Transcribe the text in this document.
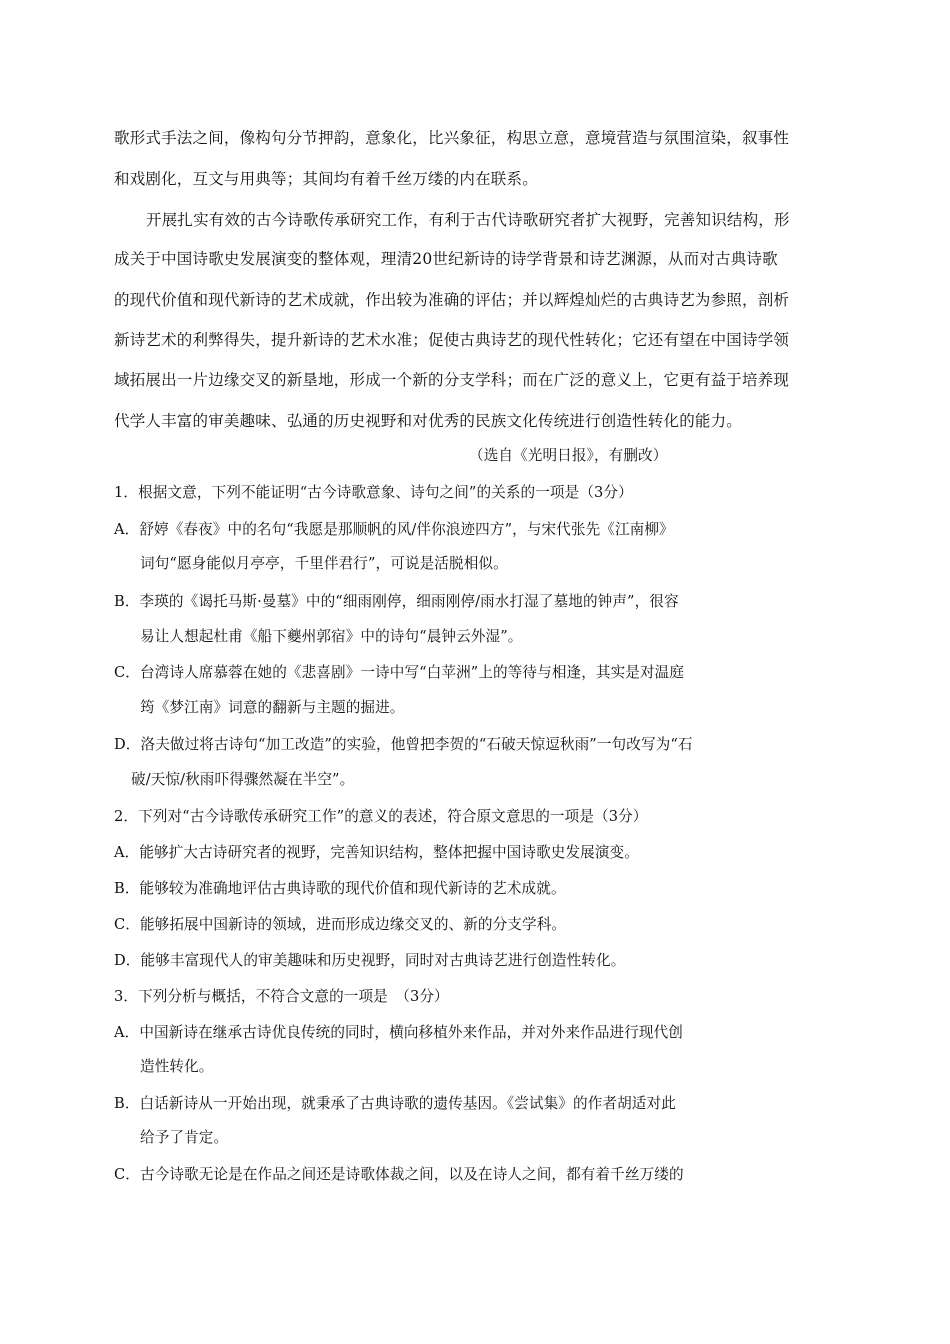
歌形式手法之间，像构句分节押韵，意象化，比兴象征，构思立意，意境营造与氛围渲染，叙事性
和戏剧化，互文与用典等；其间均有着千丝万缕的内在联系。
开展扎实有效的古今诗歌传承研究工作，有利于古代诗歌研究者扩大视野，完善知识结构，形
成关于中国诗歌史发展演变的整体观，理清20世纪新诗的诗学背景和诗艺渊源，从而对古典诗歌
的现代价值和现代新诗的艺术成就，作出较为准确的评估；并以辉煌灿烂的古典诗艺为参照，剖析
新诗艺术的利弊得失，提升新诗的艺术水准；促使古典诗艺的现代性转化；它还有望在中国诗学领
域拓展出一片边缘交叉的新垦地，形成一个新的分支学科；而在广泛的意义上，它更有益于培养现
代学人丰富的审美趣味、弘通的历史视野和对优秀的民族文化传统进行创造性转化的能力。
（选自《光明日报》，有删改）
1．根据文意，下列不能证明“古今诗歌意象、诗句之间”的关系的一项是（3分）
A．舒婷《春夜》中的名句“我愿是那顺帆的风/伴你浪迹四方”，与宋代张先《江南柳》
词句“愿身能似月亭亭，千里伴君行”，可说是活脱相似。
B．李瑛的《谒托马斯·曼墓》中的“细雨刚停，细雨刚停/雨水打湿了墓地的钟声”，很容
易让人想起杜甫《船下夔州郭宿》中的诗句“晨钟云外湿”。
C．台湾诗人席慕蓉在她的《悲喜剧》一诗中写“白苹洲”上的等待与相逢，其实是对温庭
筠《梦江南》词意的翻新与主题的掘进。
D．洛夫做过将古诗句“加工改造”的实验，他曾把李贺的“石破天惊逗秋雨”一句改写为“石
破/天惊/秋雨吓得骤然凝在半空”。
2．下列对“古今诗歌传承研究工作”的意义的表述，符合原文意思的一项是（3分）
A．能够扩大古诗研究者的视野，完善知识结构，整体把握中国诗歌史发展演变。
B．能够较为准确地评估古典诗歌的现代价值和现代新诗的艺术成就。
C．能够拓展中国新诗的领域，进而形成边缘交叉的、新的分支学科。
D．能够丰富现代人的审美趣味和历史视野，同时对古典诗艺进行创造性转化。
3．下列分析与概括，不符合文意的一项是　（3分）
A．中国新诗在继承古诗优良传统的同时，横向移植外来作品，并对外来作品进行现代创
造性转化。
B．白话新诗从一开始出现，就秉承了古典诗歌的遗传基因。《尝试集》的作者胡适对此
给予了肯定。
C．古今诗歌无论是在作品之间还是诗歌体裁之间，以及在诗人之间，都有着千丝万缕的
